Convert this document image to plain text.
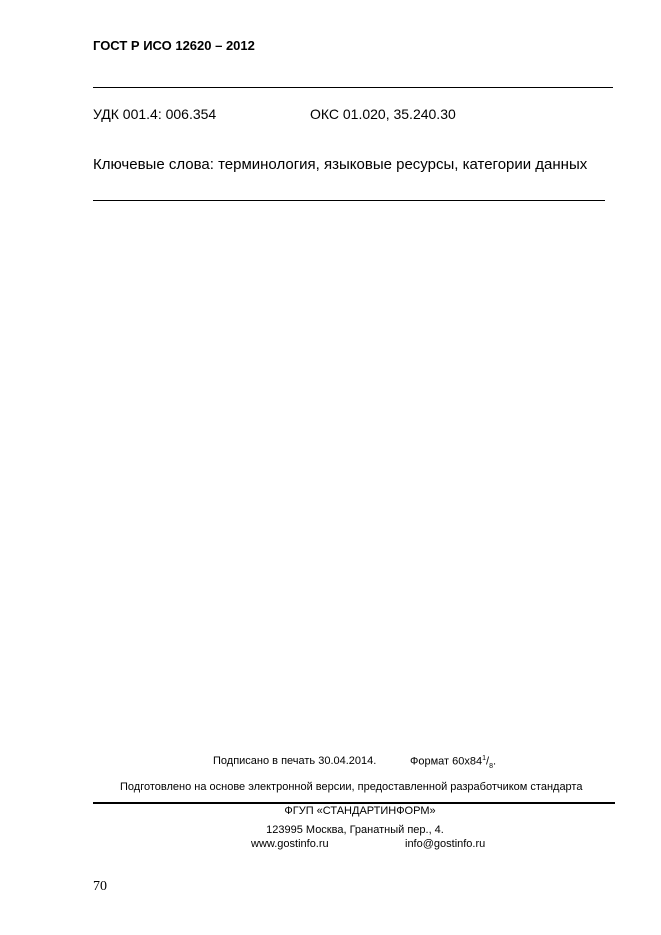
ГОСТ Р ИСО 12620 – 2012
УДК 001.4: 006.354	ОКС 01.020, 35.240.30
Ключевые слова: терминология, языковые ресурсы, категории данных
Подписано в печать 30.04.2014.	Формат $60x84^1/_8$.
Подготовлено на основе электронной версии, предоставленной разработчиком стандарта
ФГУП «СТАНДАРТИНФОРМ»
123995 Москва, Гранатный пер., 4.
www.gostinfo.ru	info@gostinfo.ru
70
